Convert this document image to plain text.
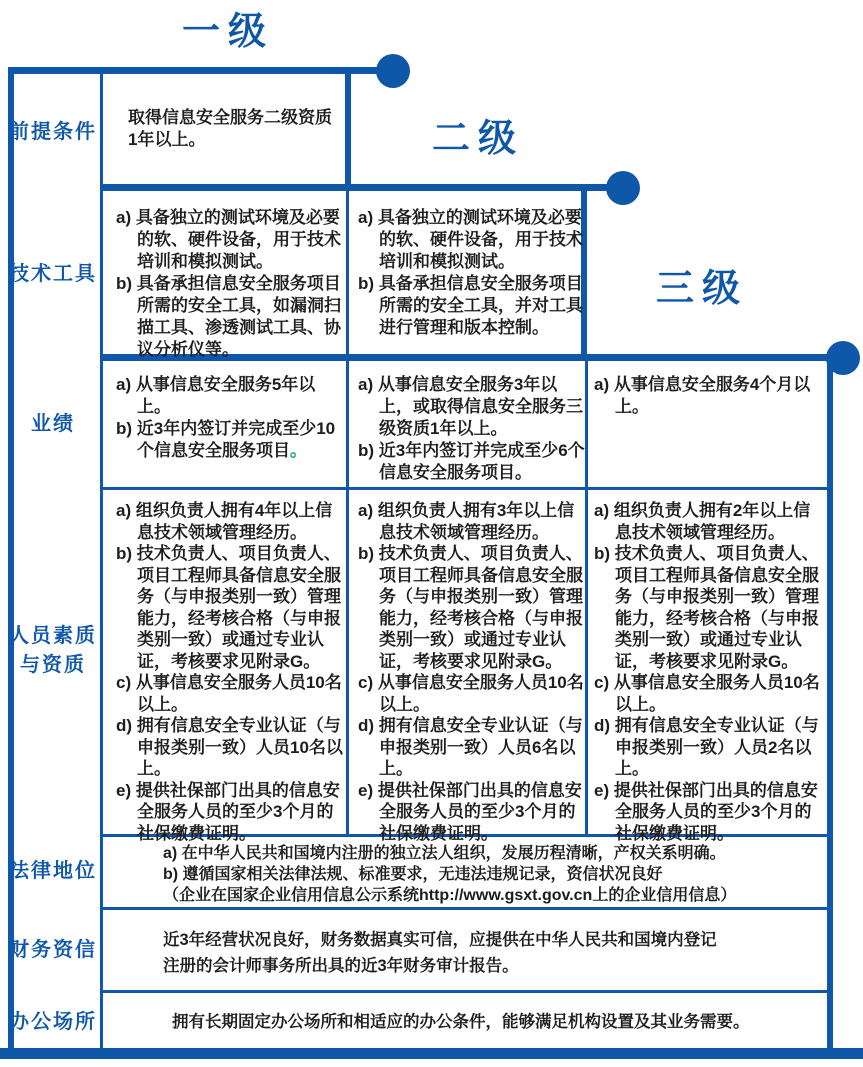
一级
二级
三级
前提条件
技术工具
业绩
人员素质
与资质
法律地位
财务资信
办公场所
取得信息安全服务二级资质1年以上。
a) 具备独立的测试环境及必要的软、硬件设备，用于技术培训和模拟测试。
b) 具备承担信息安全服务项目所需的安全工具，如漏洞扫描工具、渗透测试工具、协议分析仪等。
a) 具备独立的测试环境及必要的软、硬件设备，用于技术培训和模拟测试。
b) 具备承担信息安全服务项目所需的安全工具，并对工具进行管理和版本控制。
a) 从事信息安全服务5年以上。
b) 近3年内签订并完成至少10个信息安全服务项目。
a) 从事信息安全服务3年以上，或取得信息安全服务三级资质1年以上。
b) 近3年内签订并完成至少6个信息安全服务项目。
a) 从事信息安全服务4个月以上。
a) 组织负责人拥有4年以上信息技术领域管理经历。
b) 技术负责人、项目负责人、项目工程师具备信息安全服务（与申报类别一致）管理能力，经考核合格（与申报类别一致）或通过专业认证，考核要求见附录G。
c) 从事信息安全服务人员10名以上。
d) 拥有信息安全专业认证（与申报类别一致）人员10名以上。
e) 提供社保部门出具的信息安全服务人员的至少3个月的社保缴费证明。
a) 组织负责人拥有3年以上信息技术领域管理经历。
b) 技术负责人、项目负责人、项目工程师具备信息安全服务（与申报类别一致）管理能力，经考核合格（与申报类别一致）或通过专业认证，考核要求见附录G。
c) 从事信息安全服务人员10名以上。
d) 拥有信息安全专业认证（与申报类别一致）人员6名以上。
e) 提供社保部门出具的信息安全服务人员的至少3个月的社保缴费证明。
a) 组织负责人拥有2年以上信息技术领域管理经历。
b) 技术负责人、项目负责人、项目工程师具备信息安全服务（与申报类别一致）管理能力，经考核合格（与申报类别一致）或通过专业认证，考核要求见附录G。
c) 从事信息安全服务人员10名以上。
d) 拥有信息安全专业认证（与申报类别一致）人员2名以上。
e) 提供社保部门出具的信息安全服务人员的至少3个月的社保缴费证明。
a) 在中华人民共和国境内注册的独立法人组织，发展历程清晰，产权关系明确。
b) 遵循国家相关法律法规、标准要求，无违法违规记录，资信状况良好
（企业在国家企业信用信息公示系统http://www.gsxt.gov.cn上的企业信用信息）
近3年经营状况良好，财务数据真实可信，应提供在中华人民共和国境内登记
注册的会计师事务所出具的近3年财务审计报告。
拥有长期固定办公场所和相适应的办公条件，能够满足机构设置及其业务需要。
